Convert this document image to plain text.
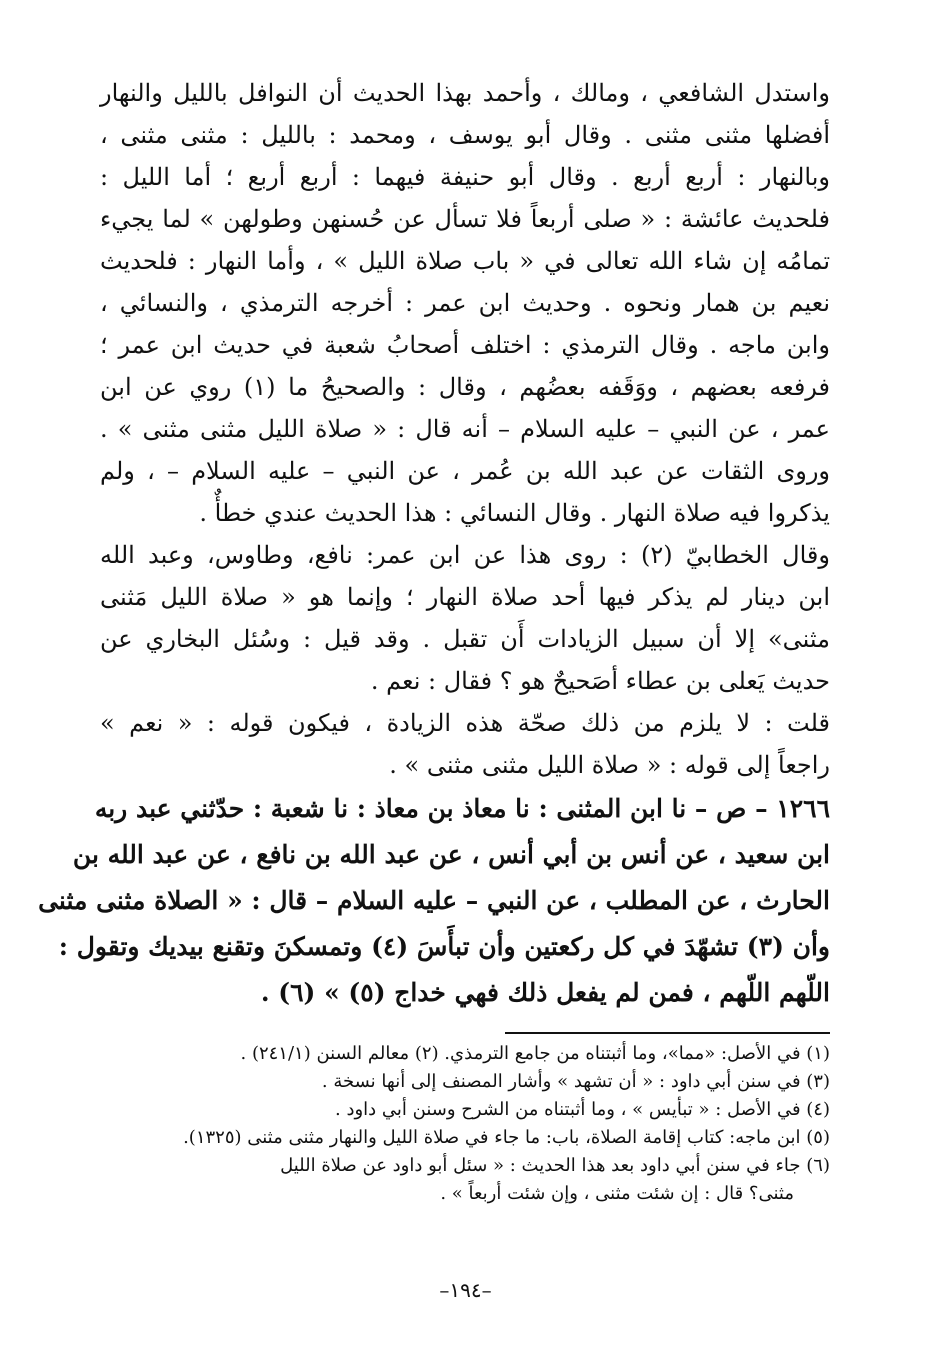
واستدل الشافعي ، ومالك ، وأحمد بهذا الحديث أن النوافل بالليل والنهار
أفضلها مثنى مثنى . وقال أبو يوسف ، ومحمد : بالليل : مثنى مثنى ،
وبالنهار : أربع أربع . وقال أبو حنيفة فيهما : أربع أربع ؛ أما الليل :
فلحديث عائشة : « صلى أربعاً فلا تسأل عن حُسنهن وطولهن » لما يجيء
تمامُه إن شاء الله تعالى في « باب صلاة الليل » ، وأما النهار : فلحديث
نعيم بن همار ونحوه . وحديث ابن عمر : أخرجه الترمذي ، والنسائي ،
وابن ماجه . وقال الترمذي : اختلف أصحابُ شعبة في حديث ابن عمر ؛
فرفعه بعضهم ، ووَقَفه بعضُهم ، وقال : والصحيحُ ما (١) روي عن ابن
عمر ، عن النبي – عليه السلام – أنه قال : « صلاة الليل مثنى مثنى » .
وروى الثقات عن عبد الله بن عُمر ، عن النبي – عليه السلام – ، ولم
يذكروا فيه صلاة النهار . وقال النسائي : هذا الحديث عندي خطأٌ .
وقال الخطابيّ (٢) : روى هذا عن ابن عمر: نافع، وطاوس، وعبد الله
ابن دينار لم يذكر فيها أحد صلاة النهار ؛ وإنما هو « صلاة الليل مَثنى
مثنى» إلا أن سبيل الزيادات أَن تقبل . وقد قيل : وسُئل البخاري عن
حديث يَعلى بن عطاء أصَحيحٌ هو ؟ فقال : نعم .
قلت : لا يلزم من ذلك صحّة هذه الزيادة ، فيكون قوله : « نعم »
راجعاً إلى قوله : « صلاة الليل مثنى مثنى » .
١٢٦٦ – ص – نا ابن المثنى : نا معاذ بن معاذ : نا شعبة : حدّثني عبد ربه
ابن سعيد ، عن أنس بن أبي أنس ، عن عبد الله بن نافع ، عن عبد الله بن
الحارث ، عن المطلب ، عن النبي – عليه السلام – قال : « الصلاة مثنى مثنى
وأن (٣) تشهّدَ في كل ركعتين وأن تبأَسَ (٤) وتمسكنَ وتقنع بيديك وتقول :
اللّهم اللّهم ، فمن لم يفعل ذلك فهي خداج (٥) » (٦) .
(١) في الأصل: «مما»، وما أثبتناه من جامع الترمذي. (٢) معالم السنن (٢٤١/١) .
(٣) في سنن أبي داود : « أن تشهد » وأشار المصنف إلى أنها نسخة .
(٤) في الأصل : « تبأيس » ، وما أثبتناه من الشرح وسنن أبي داود .
(٥) ابن ماجه: كتاب إقامة الصلاة، باب: ما جاء في صلاة الليل والنهار مثنى مثنى (١٣٢٥).
(٦) جاء في سنن أبي داود بعد هذا الحديث : « سئل أبو داود عن صلاة الليل
مثنى؟ قال : إن شئت مثنى ، وإن شئت أربعاً » .
–١٩٤–
